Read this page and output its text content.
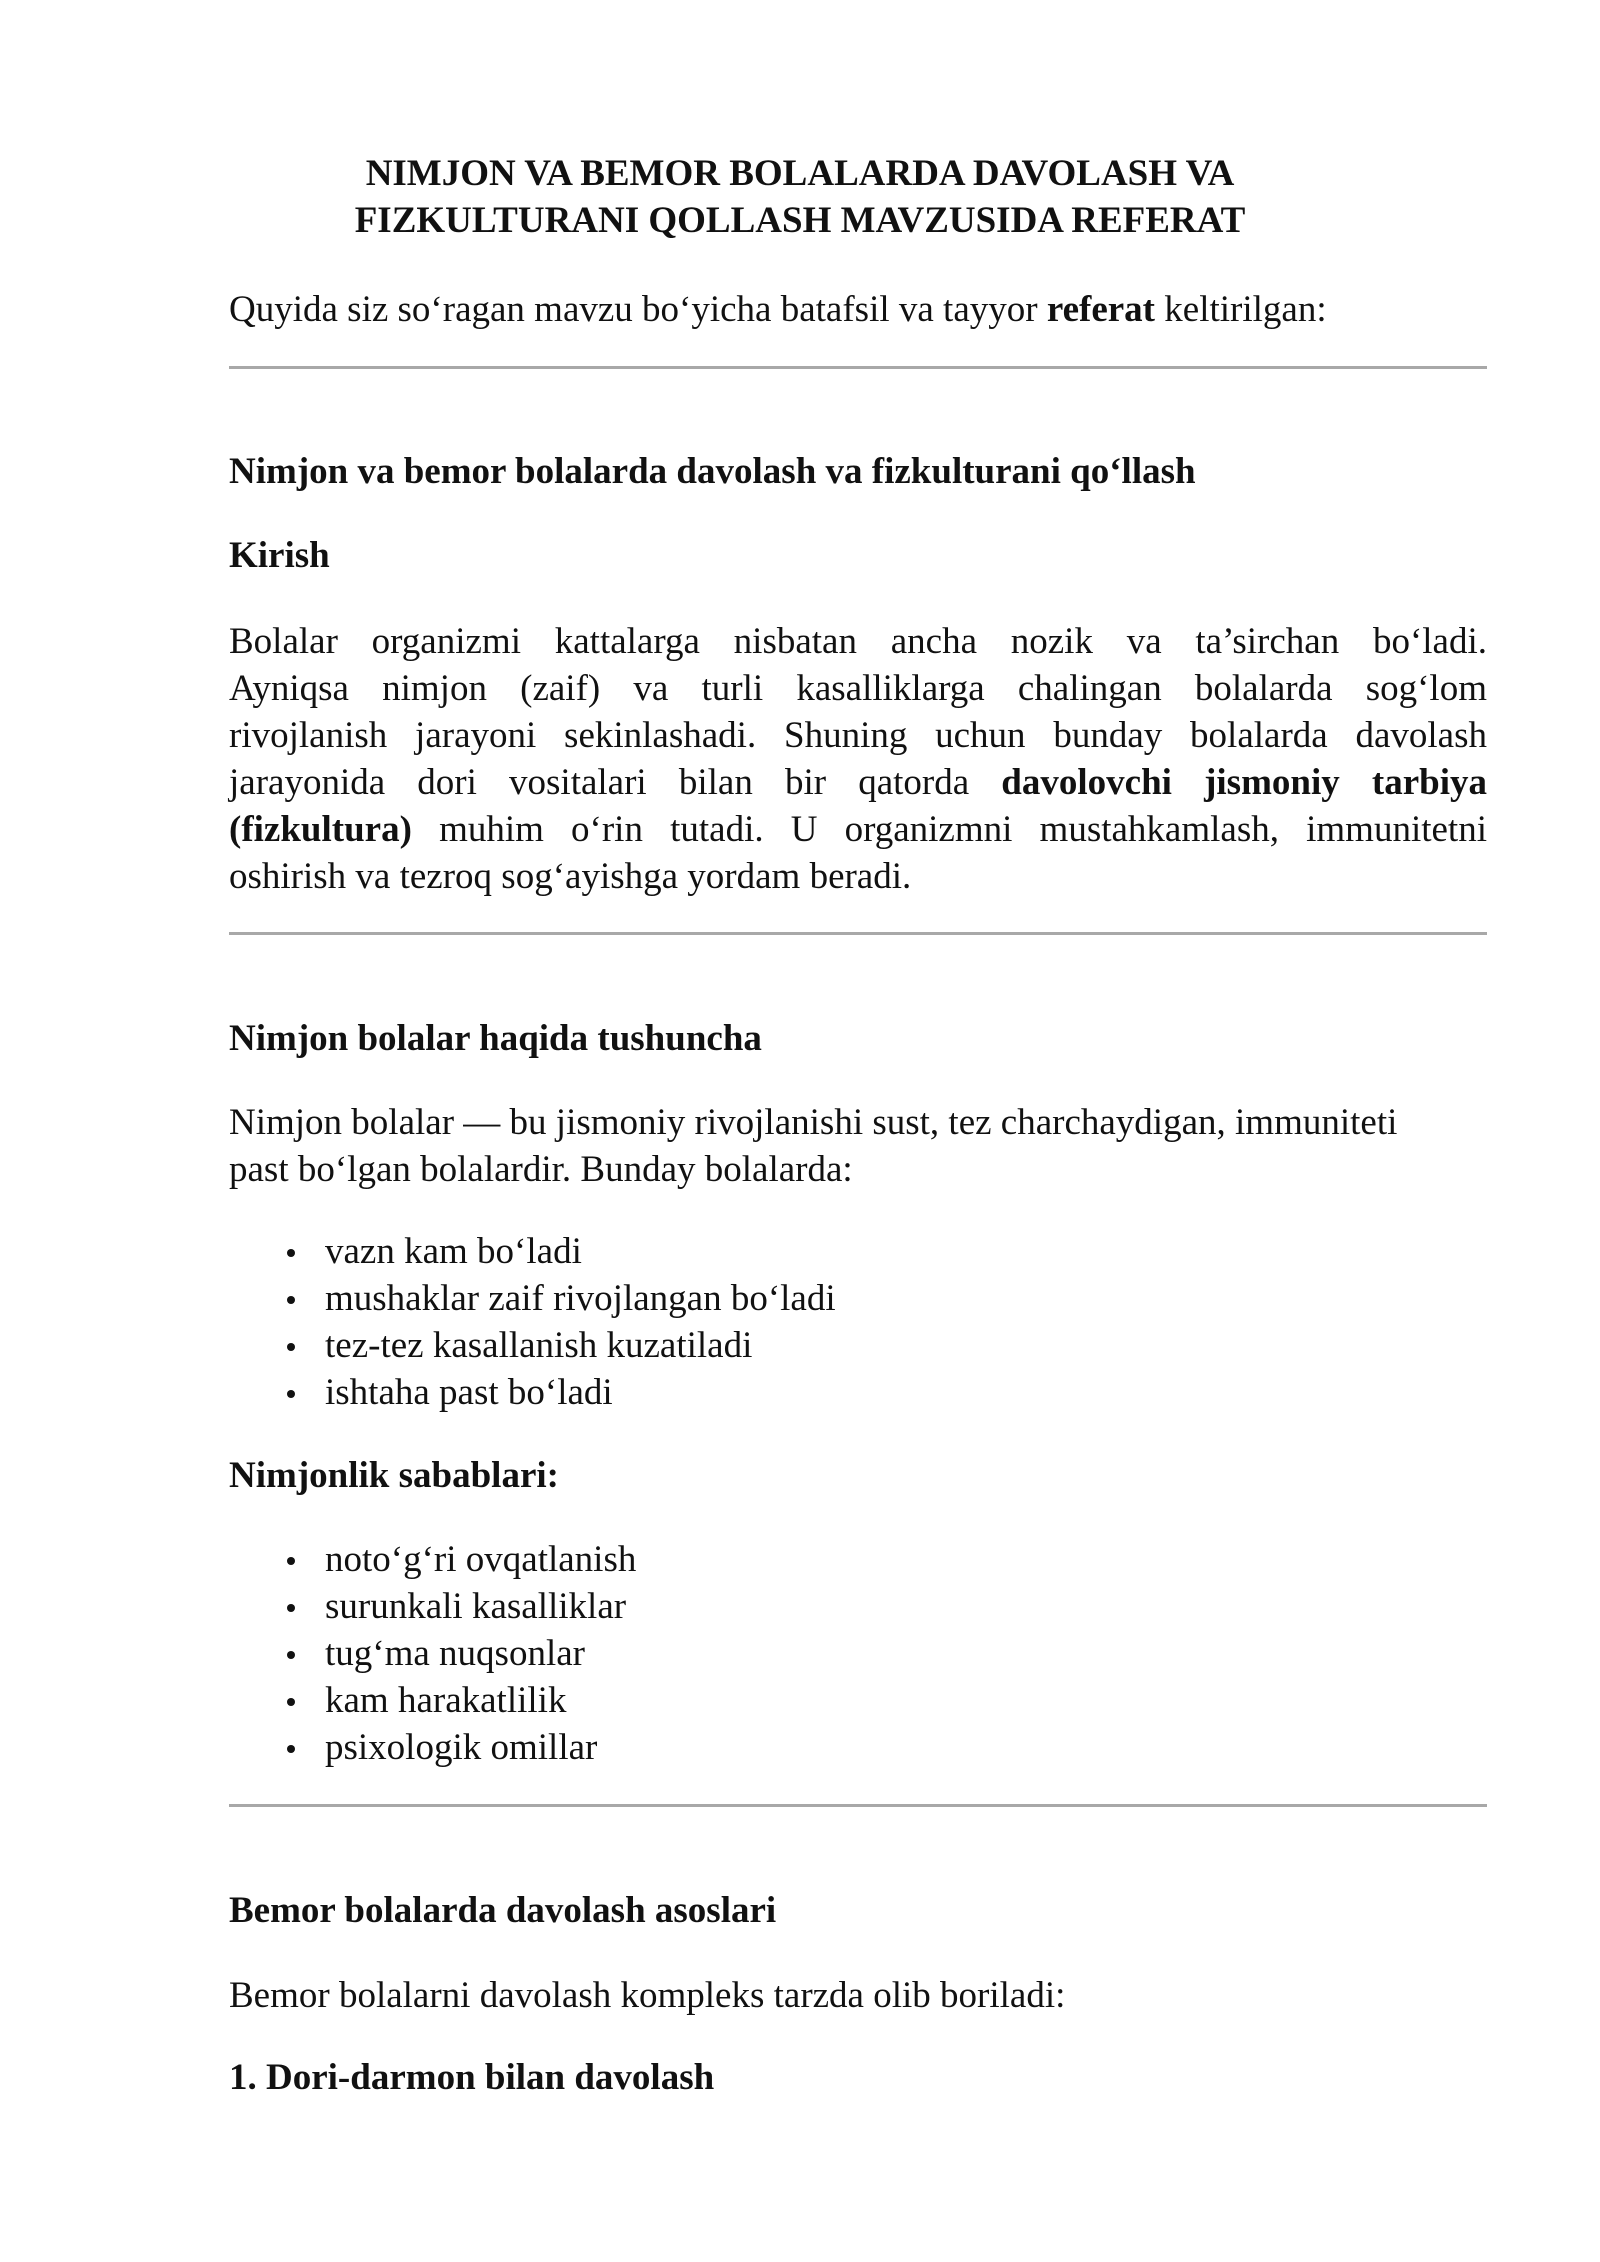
NIMJON VA BEMOR BOLALARDA DAVOLASH VA
FIZKULTURANI QOLLASH MAVZUSIDA REFERAT

Quyida siz so‘ragan mavzu bo‘yicha batafsil va tayyor referat keltirilgan:

Nimjon va bemor bolalarda davolash va fizkulturani qo‘llash
Kirish

Bolalar organizmi kattalarga nisbatan ancha nozik va ta’sirchan bo‘ladi.
Ayniqsa nimjon (zaif) va turli kasalliklarga chalingan bolalarda sog‘lom
rivojlanish jarayoni sekinlashadi. Shuning uchun bunday bolalarda davolash
jarayonida dori vositalari bilan bir qatorda davolovchi jismoniy tarbiya
(fizkultura) muhim o‘rin tutadi. U organizmni mustahkamlash, immunitetni
oshirish va tezroq sog‘ayishga yordam beradi.

Nimjon bolalar haqida tushuncha

Nimjon bolalar — bu jismoniy rivojlanishi sust, tez charchaydigan, immuniteti
past bo‘lgan bolalardir. Bunday bolalarda:

vazn kam bo‘ladi
mushaklar zaif rivojlangan bo‘ladi
tez-tez kasallanish kuzatiladi
ishtaha past bo‘ladi
Nimjonlik sabablari:
noto‘g‘ri ovqatlanish
surunkali kasalliklar
tug‘ma nuqsonlar
kam harakatlilik
psixologik omillar
Bemor bolalarda davolash asoslari

Bemor bolalarni davolash kompleks tarzda olib boriladi:

1. Dori-darmon bilan davolash
